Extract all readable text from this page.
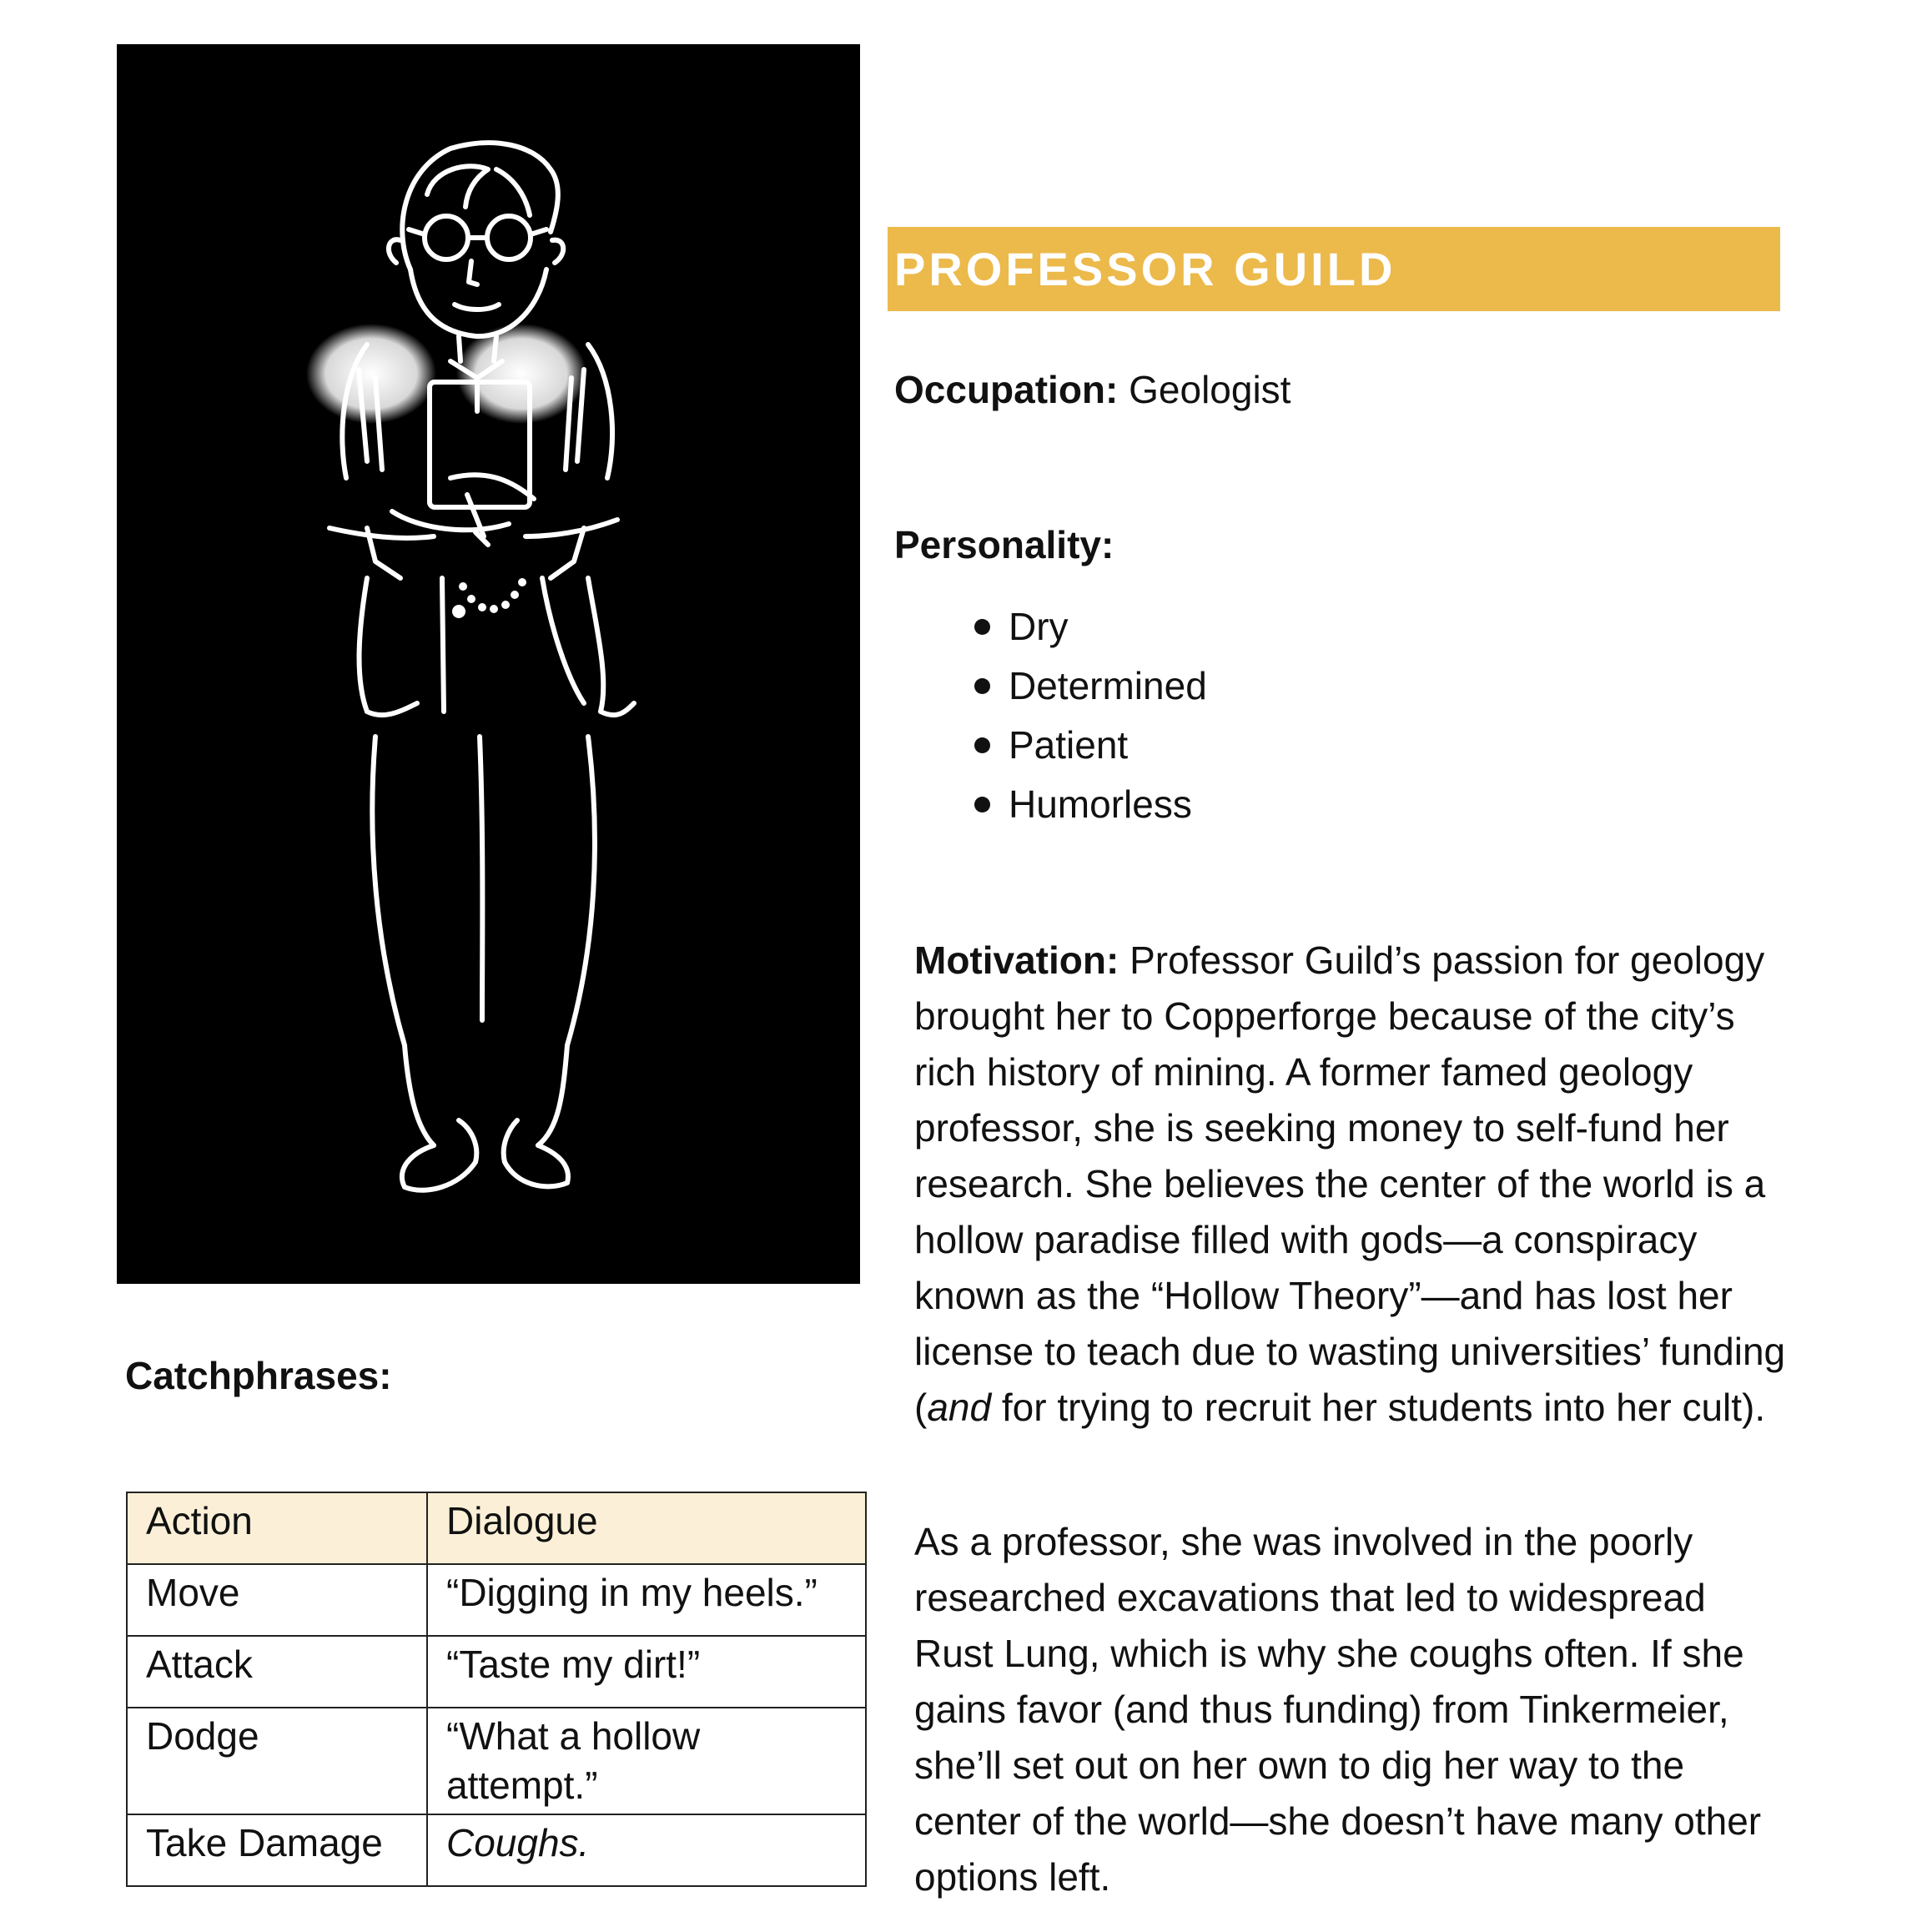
PROFESSOR GUILD
Occupation: Geologist
Personality:
Dry
Determined
Patient
Humorless

Motivation: Professor Guild’s passion for geology brought her to Copperforge because of the city’s rich history of mining. A former famed geology professor, she is seeking money to self-fund her research. She believes the center of the world is a hollow paradise filled with gods—a conspiracy known as the “Hollow Theory”—and has lost her license to teach due to wasting universities’ funding (and for trying to recruit her students into her cult).

As a professor, she was involved in the poorly researched excavations that led to widespread Rust Lung, which is why she coughs often. If she gains favor (and thus funding) from Tinkermeier, she’ll set out on her own to dig her way to the center of the world—she doesn’t have many other options left.

Catchphrases:

Action	Dialogue
Move	“Digging in my heels.”
Attack	“Taste my dirt!”
Dodge	“What a hollow attempt.”
Take Damage	Coughs.
